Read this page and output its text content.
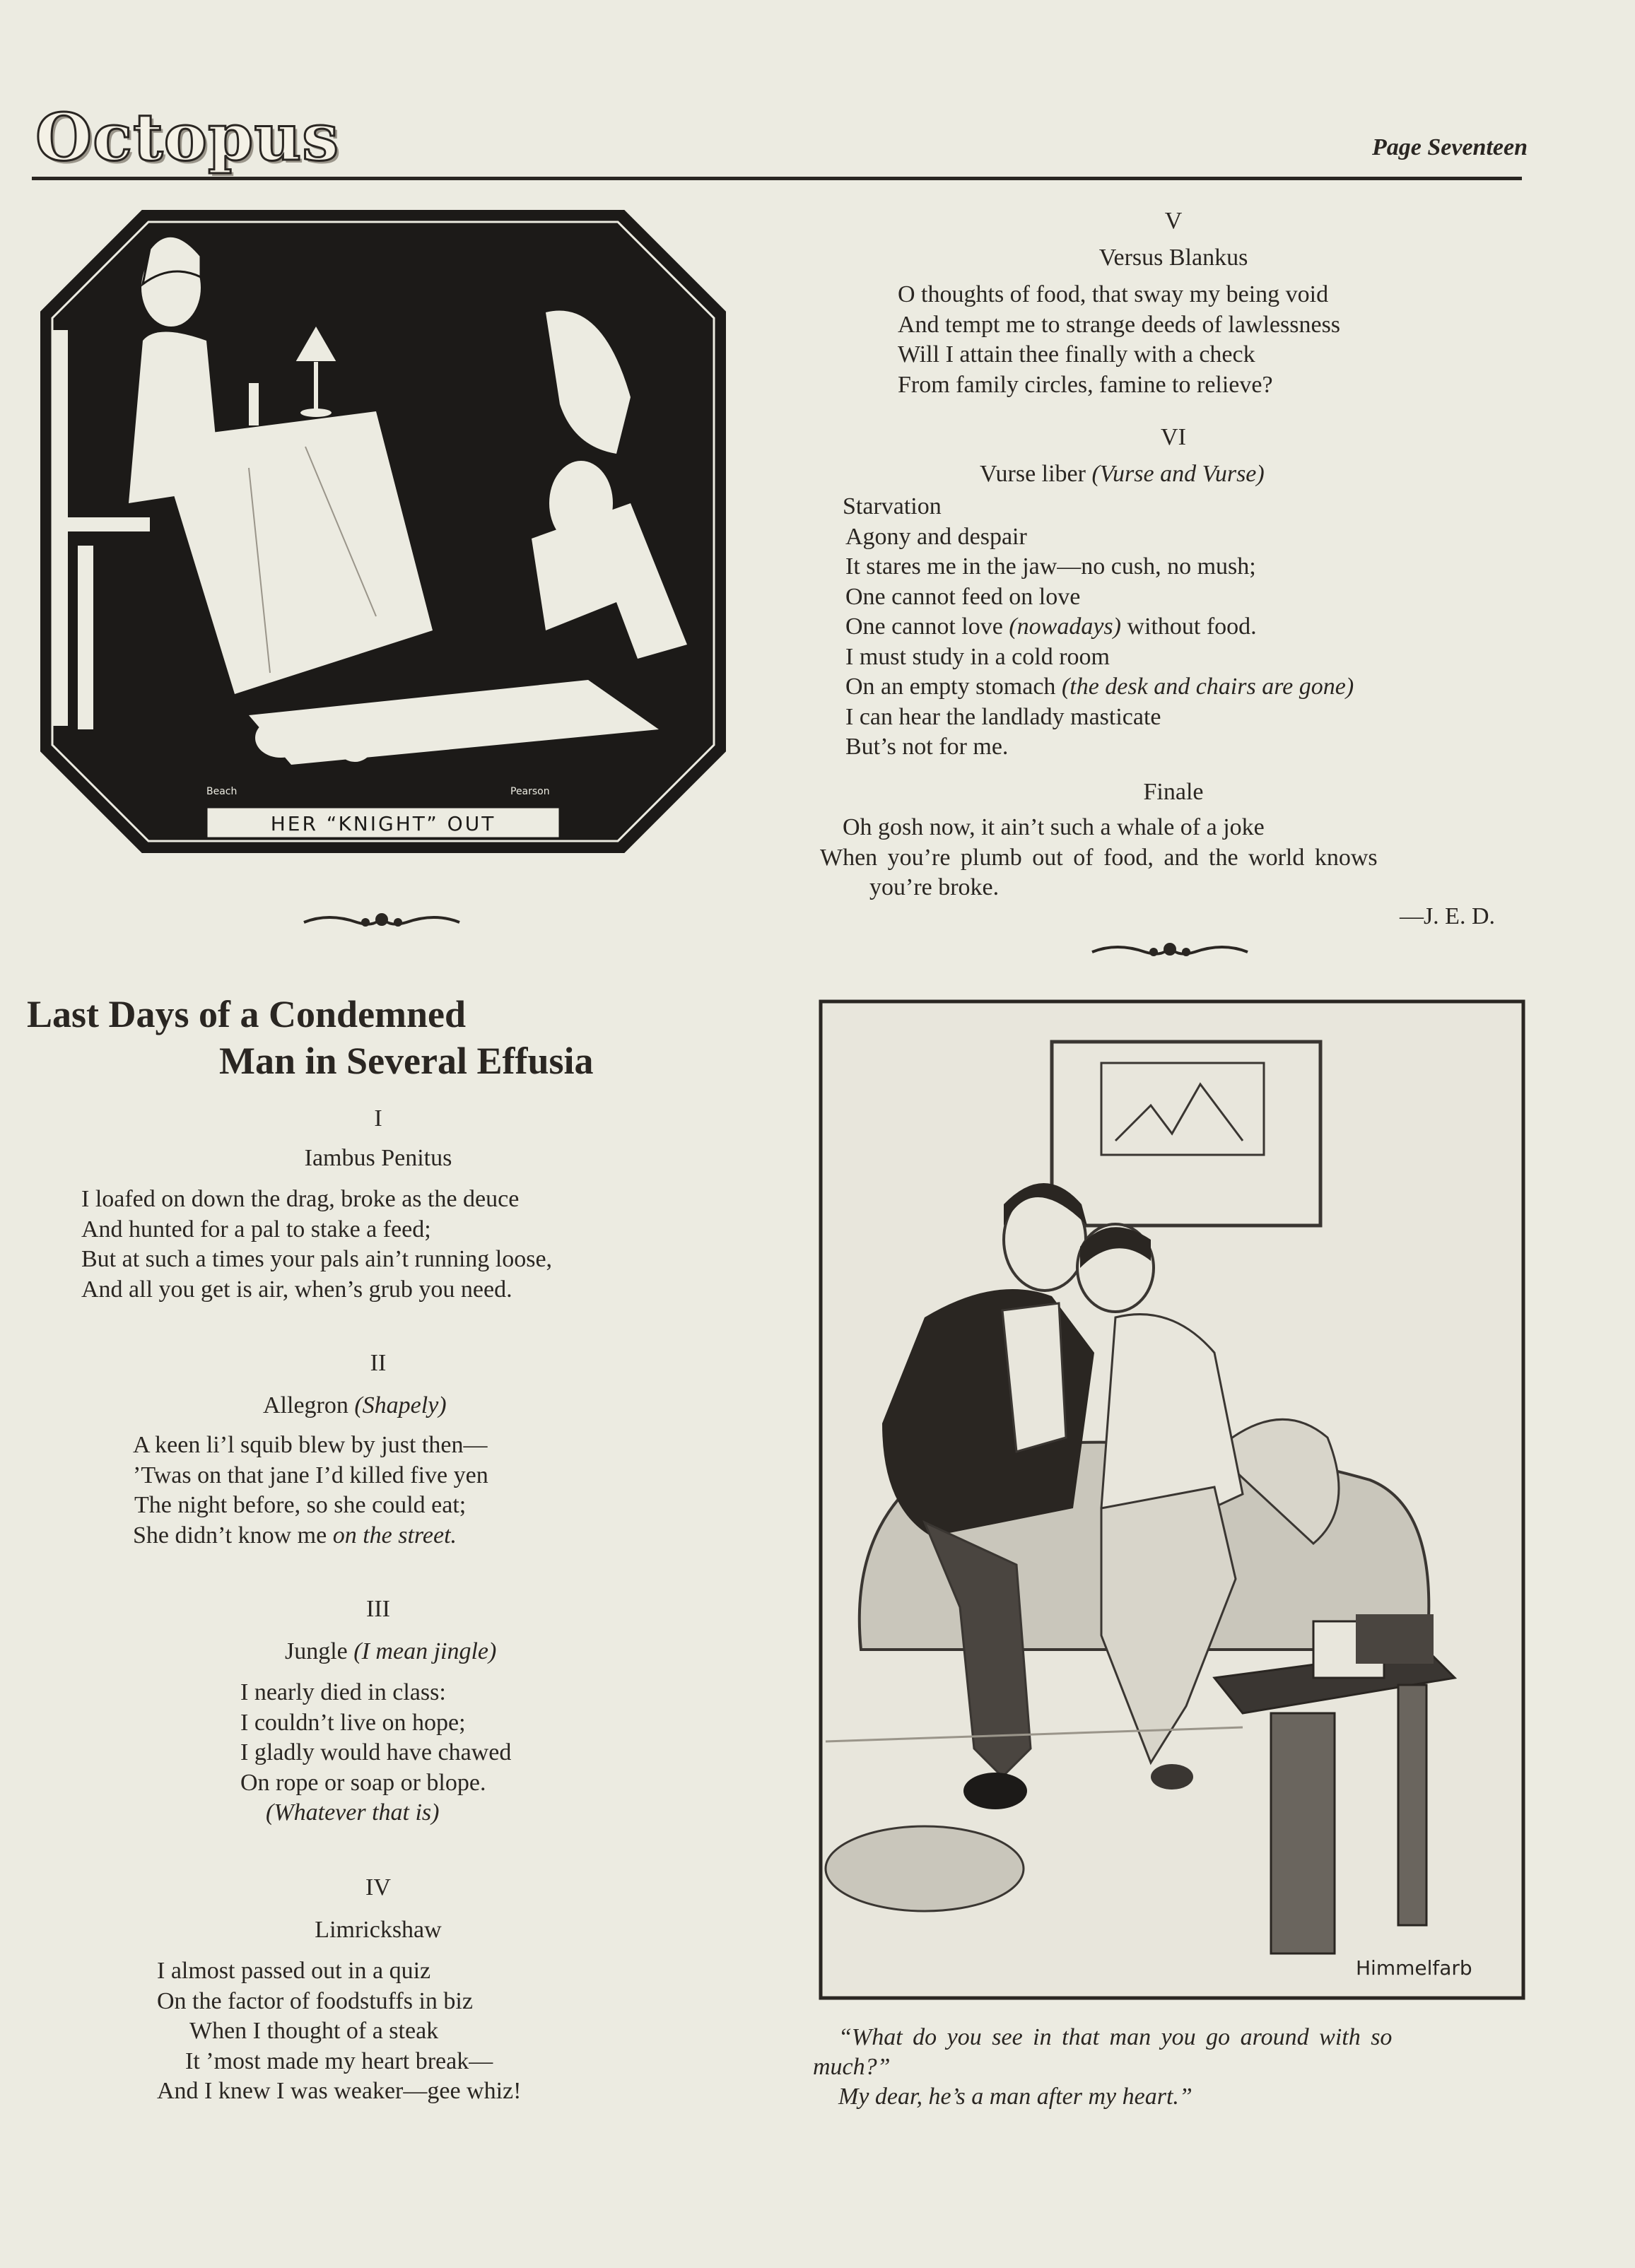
Octopus	Page Seventeen
HER “KNIGHT” OUT
Beach	Pearson
Last Days of a Condemned
Man in Several Effusia
I
Iambus Penitus
I loafed on down the drag, broke as the deuce
And hunted for a pal to stake a feed;
But at such a times your pals ain’t running loose,
And all you get is air, when’s grub you need.
II
Allegron (Shapely)
A keen li’l squib blew by just then—
’Twas on that jane I’d killed five yen
The night before, so she could eat;
She didn’t know me on the street.
III
Jungle (I mean jingle)
I nearly died in class:
I couldn’t live on hope;
I gladly would have chawed
On rope or soap or blope.
(Whatever that is)
IV
Limrickshaw
I almost passed out in a quiz
On the factor of foodstuffs in biz
When I thought of a steak
It ’most made my heart break—
And I knew I was weaker—gee whiz!
V
Versus Blankus
O thoughts of food, that sway my being void
And tempt me to strange deeds of lawlessness
Will I attain thee finally with a check
From family circles, famine to relieve?
VI
Vurse liber (Vurse and Vurse)
Starvation
Agony and despair
It stares me in the jaw—no cush, no mush;
One cannot feed on love
One cannot love (nowadays) without food.
I must study in a cold room
On an empty stomach (the desk and chairs are gone)
I can hear the landlady masticate
But’s not for me.
Finale
Oh gosh now, it ain’t such a whale of a joke
When you’re plumb out of food, and the world knows
you’re broke.
—J. E. D.
Himmelfarb
“What do you see in that man you go around with so
much?”
My dear, he’s a man after my heart.”
